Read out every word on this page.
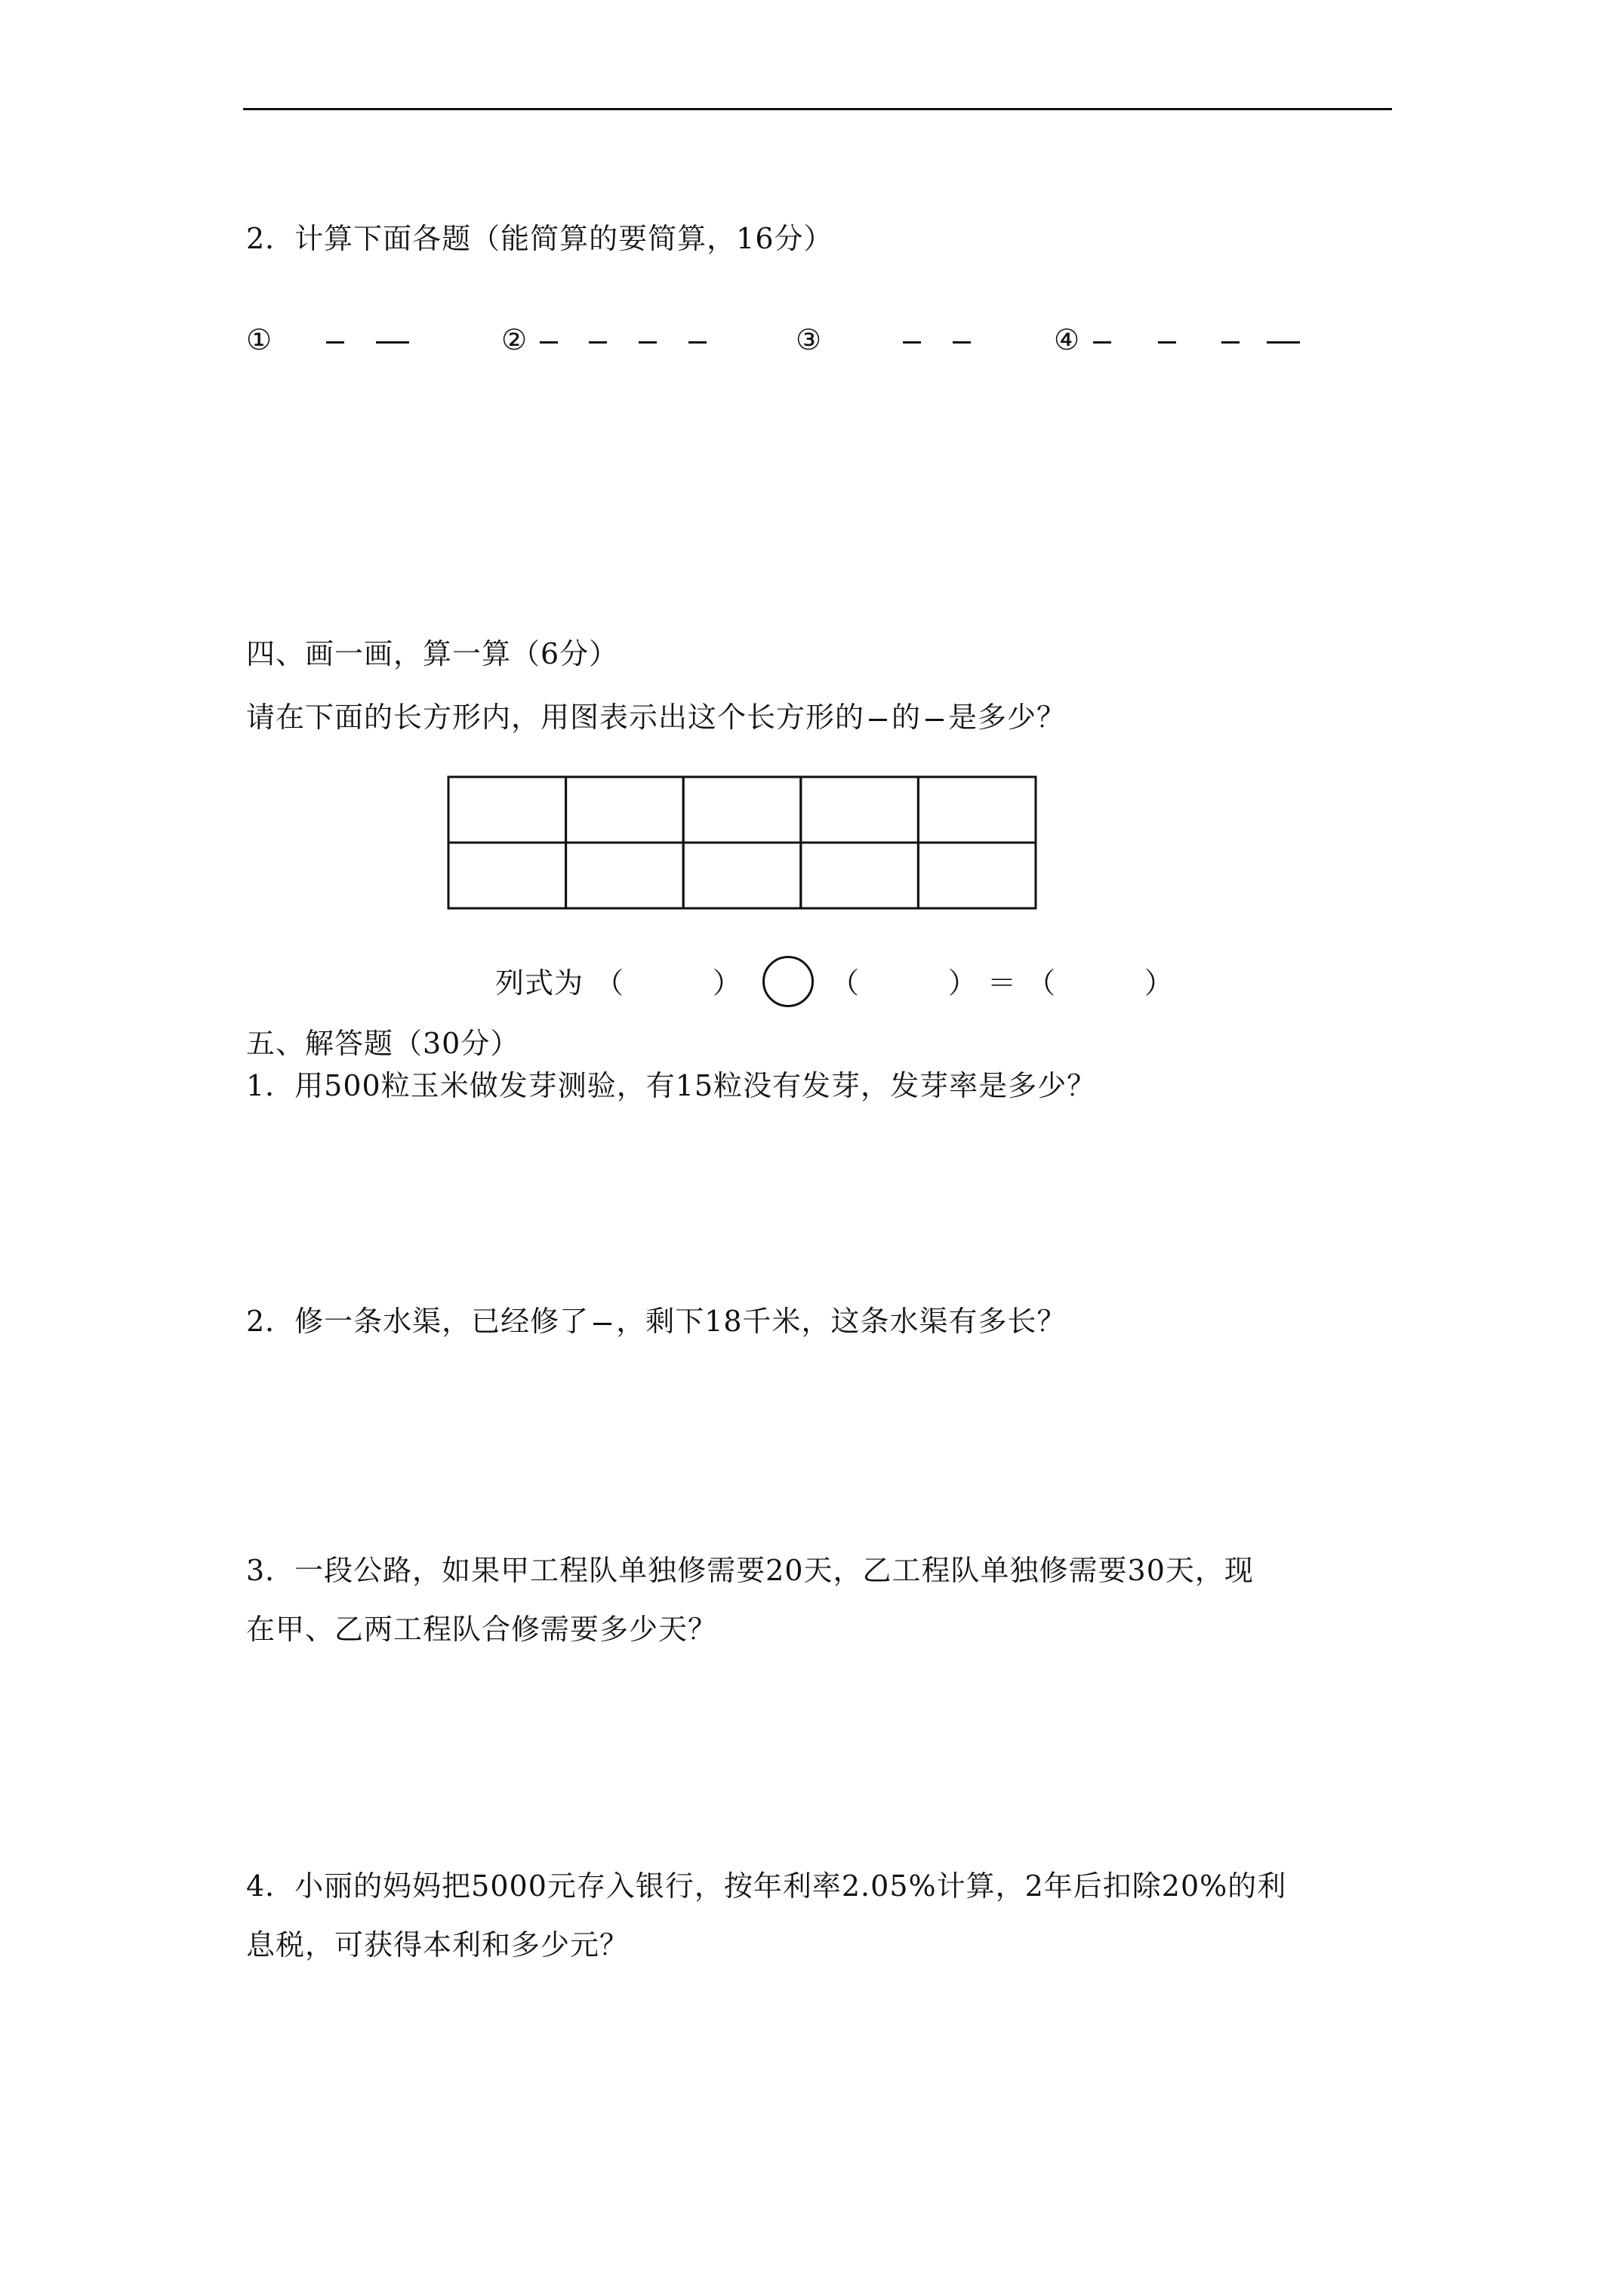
2．计算下面各题（能简算的要简算，16分）
①	②	③	④
四、画一画，算一算（6分）
请在下面的长方形内，用图表示出这个长方形的 的 是多少？
列式为 （　　　）	（　　　） ＝ （　　　）
五、解答题（30分）
1．用500粒玉米做发芽测验，有15粒没有发芽，发芽率是多少？
2．修一条水渠，已经修了 ，剩下18千米，这条水渠有多长？
3．一段公路，如果甲工程队单独修需要20天，乙工程队单独修需要30天，现
在甲、乙两工程队合修需要多少天？
4．小丽的妈妈把5000元存入银行，按年利率2.05%计算，2年后扣除20%的利
息税，可获得本利和多少元？
